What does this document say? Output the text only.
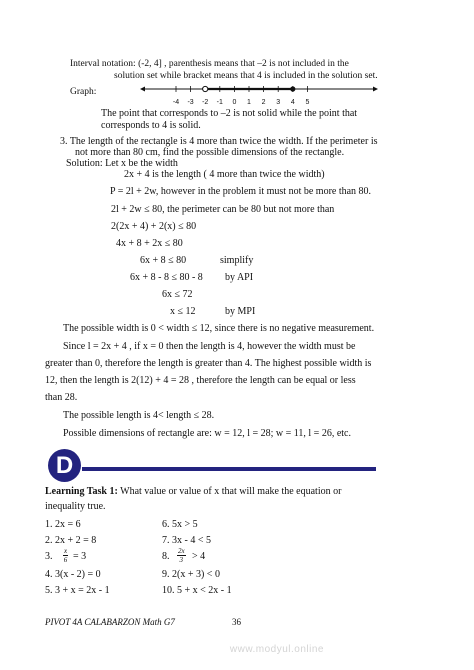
Interval notation: (-2, 4] , parenthesis means that –2 is not included in the
solution set while bracket means that 4 is included in the solution set.
Graph:
-4 -3 -2 -1 0 1 2 3 4 5
The point that corresponds to –2 is not solid while the point that
corresponds to 4 is solid.
3. The length of the rectangle is 4 more than twice the width. If the perimeter is
not more than 80 cm, find the possible dimensions of the rectangle.
Solution: Let x be the width
2x + 4 is the length ( 4 more than twice the width)
P = 2l + 2w, however in the problem it must not be more than 80.
2l + 2w ≤ 80, the perimeter can be 80 but not more than
2(2x + 4) + 2(x) ≤ 80
4x + 8 + 2x ≤ 80
6x + 8 ≤ 80	simplify
6x + 8 - 8 ≤ 80 - 8 by API
6x ≤ 72
x ≤ 12	by MPI
The possible width is 0 < width ≤ 12, since there is no negative measurement.
Since l = 2x + 4 , if x = 0 then the length is 4, however the width must be
greater than 0, therefore the length is greater than 4. The highest possible width is
12, then the length is 2(12) + 4 = 28 , therefore the length can be equal or less
than 28.
The possible length is 4< length ≤ 28.
Possible dimensions of rectangle are: w = 12, l = 28; w = 11, l = 26, etc.
D
Learning Task 1: What value or value of x that will make the equation or
inequality true.
1. 2x = 6	6. 5x > 5
2. 2x + 2 = 8	7. 3x - 4 < 5
3. $\frac{x}{6} = 3$	8. $\frac{2x}{3} > 4$
4. 3(x - 2) = 0	9. 2(x + 3) < 0
5. 3 + x = 2x - 1	10. 5 + x < 2x - 1
PIVOT 4A CALABARZON Math G7	36
www.modyul.online
